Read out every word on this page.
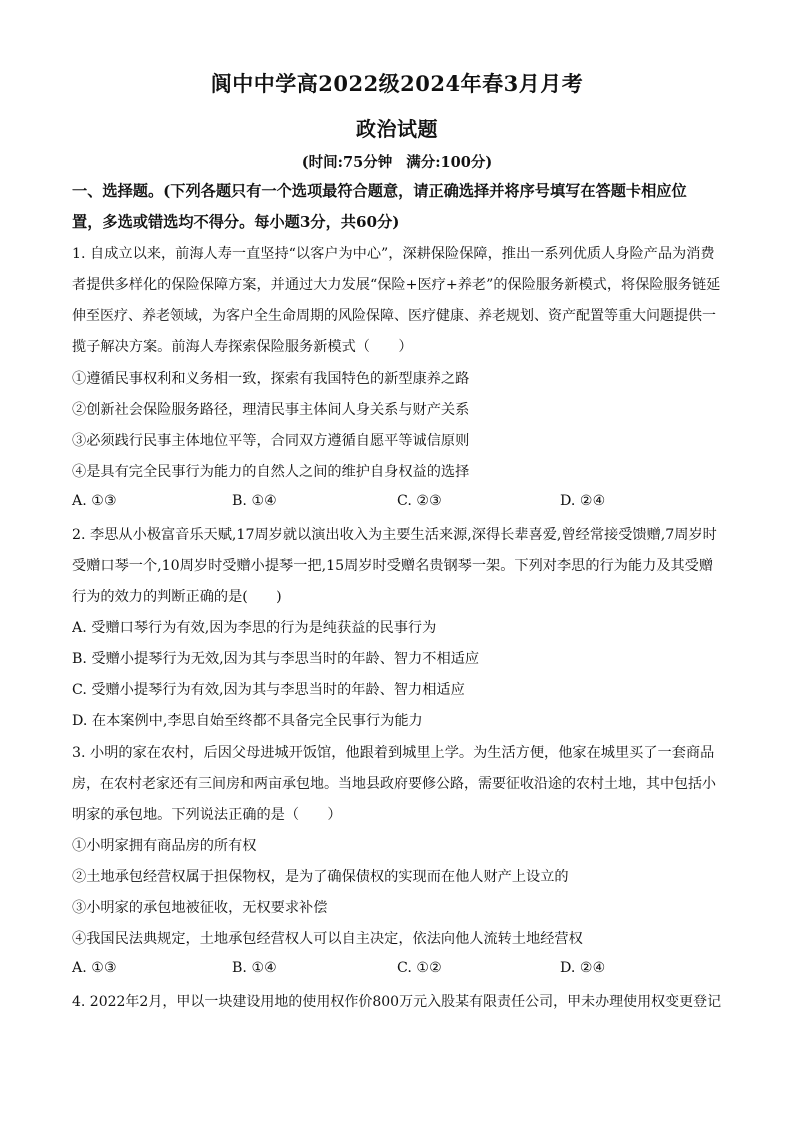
阆中中学高2022级2024年春3月月考
政治试题
(时间:75分钟 满分:100分)
一、选择题。(下列各题只有一个选项最符合题意，请正确选择并将序号填写在答题卡相应位
置，多选或错选均不得分。每小题3分，共60分)
1. 自成立以来，前海人寿一直坚持“以客户为中心”，深耕保险保障，推出一系列优质人身险产品为消费
者提供多样化的保险保障方案，并通过大力发展“保险+医疗+养老”的保险服务新模式，将保险服务链延
伸至医疗、养老领域，为客户全生命周期的风险保障、医疗健康、养老规划、资产配置等重大问题提供一
揽子解决方案。前海人寿探索保险服务新模式（　　）
①遵循民事权利和义务相一致，探索有我国特色的新型康养之路
②创新社会保险服务路径，理清民事主体间人身关系与财产关系
③必须践行民事主体地位平等，合同双方遵循自愿平等诚信原则
④是具有完全民事行为能力的自然人之间的维护自身权益的选择
A. ①③	B. ①④	C. ②③	D. ②④
2. 李思从小极富音乐天赋,17周岁就以演出收入为主要生活来源,深得长辈喜爱,曾经常接受馈赠,7周岁时
受赠口琴一个,10周岁时受赠小提琴一把,15周岁时受赠名贵钢琴一架。下列对李思的行为能力及其受赠
行为的效力的判断正确的是(　　)
A. 受赠口琴行为有效,因为李思的行为是纯获益的民事行为
B. 受赠小提琴行为无效,因为其与李思当时的年龄、智力不相适应
C. 受赠小提琴行为有效,因为其与李思当时的年龄、智力相适应
D. 在本案例中,李思自始至终都不具备完全民事行为能力
3. 小明的家在农村，后因父母进城开饭馆，他跟着到城里上学。为生活方便，他家在城里买了一套商品
房，在农村老家还有三间房和两亩承包地。当地县政府要修公路，需要征收沿途的农村土地，其中包括小
明家的承包地。下列说法正确的是（　　）
①小明家拥有商品房的所有权
②土地承包经营权属于担保物权，是为了确保债权的实现而在他人财产上设立的
③小明家的承包地被征收，无权要求补偿
④我国民法典规定，土地承包经营权人可以自主决定，依法向他人流转土地经营权
A. ①③	B. ①④	C. ①②	D. ②④
4. 2022年2月，甲以一块建设用地的使用权作价800万元入股某有限责任公司，甲未办理使用权变更登记
